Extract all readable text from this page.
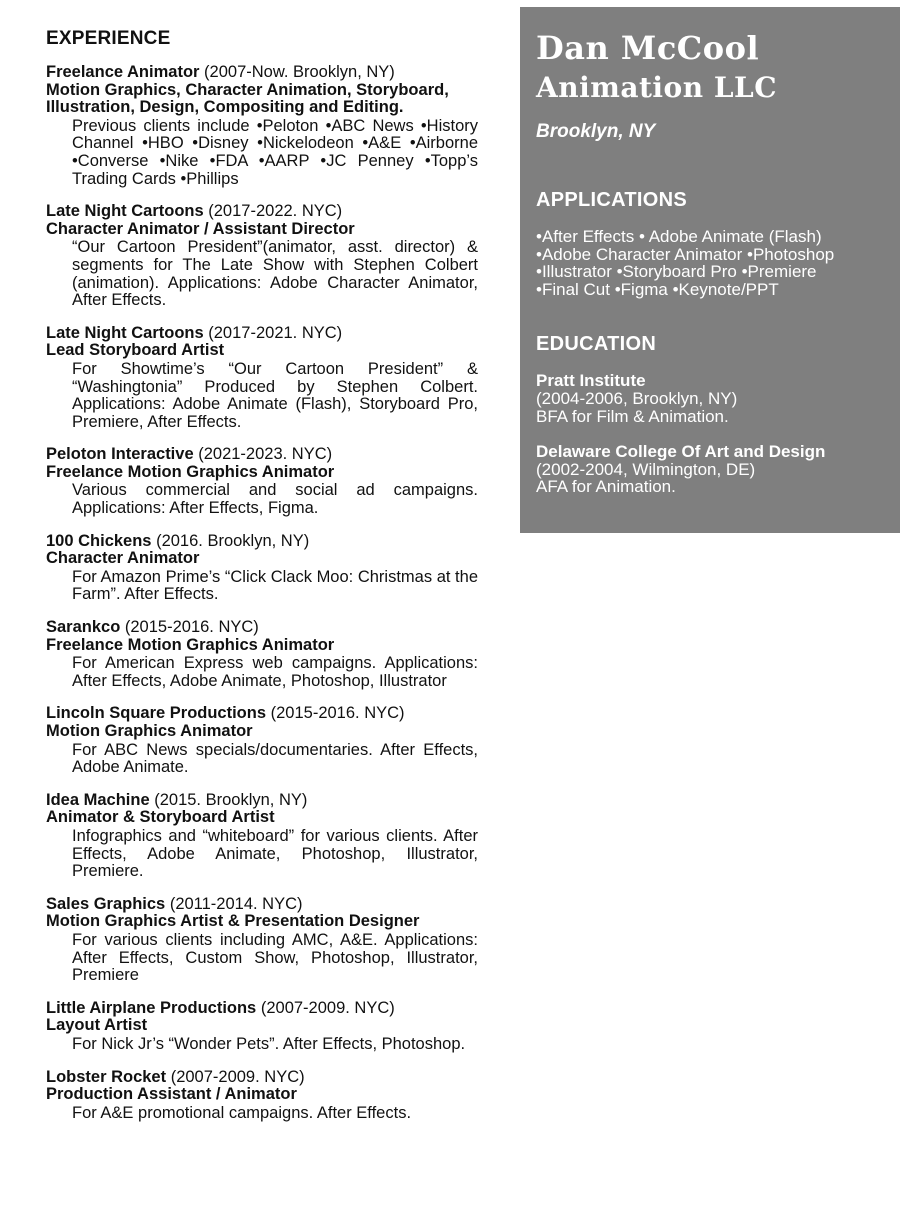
EXPERIENCE
Freelance Animator (2007-Now. Brooklyn, NY)
Motion Graphics, Character Animation, Storyboard, Illustration, Design, Compositing and Editing.
Previous clients include •Peloton •ABC News •History Channel •HBO •Disney •Nickelodeon •A&E •Airborne •Converse •Nike •FDA •AARP •JC Penney •Topp’s Trading Cards •Phillips
Late Night Cartoons (2017-2022. NYC)
Character Animator / Assistant Director
“Our Cartoon President”(animator, asst. director) & segments for The Late Show with Stephen Colbert (animation). Applications: Adobe Character Animator, After Effects.
Late Night Cartoons (2017-2021. NYC)
Lead Storyboard Artist
For Showtime’s “Our Cartoon President” & “Washingtonia” Produced by Stephen Colbert. Applications: Adobe Animate (Flash), Storyboard Pro, Premiere, After Effects.
Peloton Interactive (2021-2023. NYC)
Freelance Motion Graphics Animator
Various commercial and social ad campaigns. Applications: After Effects, Figma.
100 Chickens (2016. Brooklyn, NY)
Character Animator
For Amazon Prime’s “Click Clack Moo: Christmas at the Farm”. After Effects.
Sarankco (2015-2016. NYC)
Freelance Motion Graphics Animator
For American Express web campaigns. Applications: After Effects, Adobe Animate, Photoshop, Illustrator
Lincoln Square Productions (2015-2016. NYC)
Motion Graphics Animator
For ABC News specials/documentaries. After Effects, Adobe Animate.
Idea Machine (2015. Brooklyn, NY)
Animator & Storyboard Artist
Infographics and “whiteboard” for various clients. After Effects, Adobe Animate, Photoshop, Illustrator, Premiere.
Sales Graphics (2011-2014. NYC)
Motion Graphics Artist & Presentation Designer
For various clients including AMC, A&E. Applications: After Effects, Custom Show, Photoshop, Illustrator, Premiere
Little Airplane Productions (2007-2009. NYC)
Layout Artist
For Nick Jr’s “Wonder Pets”. After Effects, Photoshop.
Lobster Rocket (2007-2009. NYC)
Production Assistant / Animator
For A&E promotional campaigns. After Effects.
Dan McCool
Animation LLC
Brooklyn, NY
APPLICATIONS
•After Effects • Adobe Animate (Flash)
•Adobe Character Animator •Photoshop
•Illustrator •Storyboard Pro •Premiere
•Final Cut •Figma •Keynote/PPT
EDUCATION
Pratt Institute
(2004-2006, Brooklyn, NY)
BFA for Film & Animation.
Delaware College Of Art and Design
(2002-2004, Wilmington, DE)
AFA for Animation.
